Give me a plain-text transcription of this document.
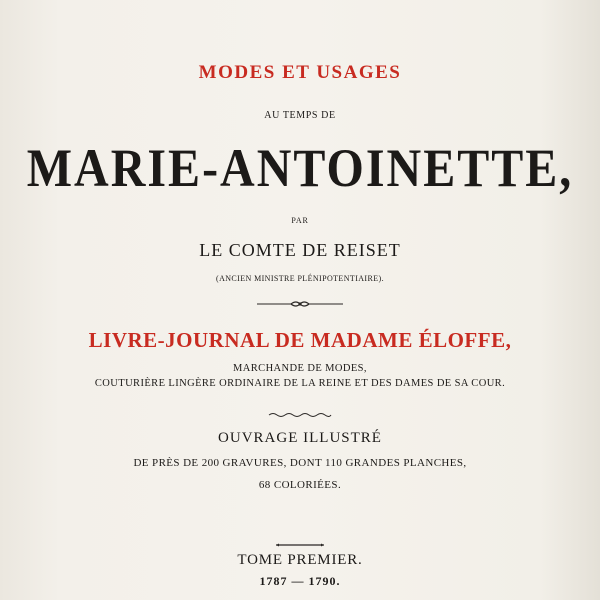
MODES ET USAGES
AU TEMPS DE
MARIE-ANTOINETTE,
PAR
LE COMTE DE REISET
(ANCIEN MINISTRE PLÉNIPOTENTIAIRE).
LIVRE-JOURNAL DE MADAME ÉLOFFE,
MARCHANDE DE MODES,
COUTURIÈRE LINGÈRE ORDINAIRE DE LA REINE ET DES DAMES DE SA COUR.
OUVRAGE ILLUSTRÉ
DE PRÈS DE 200 GRAVURES, DONT 110 GRANDES PLANCHES,
68 COLORIÉES.
TOME PREMIER.
1787 — 1790.
